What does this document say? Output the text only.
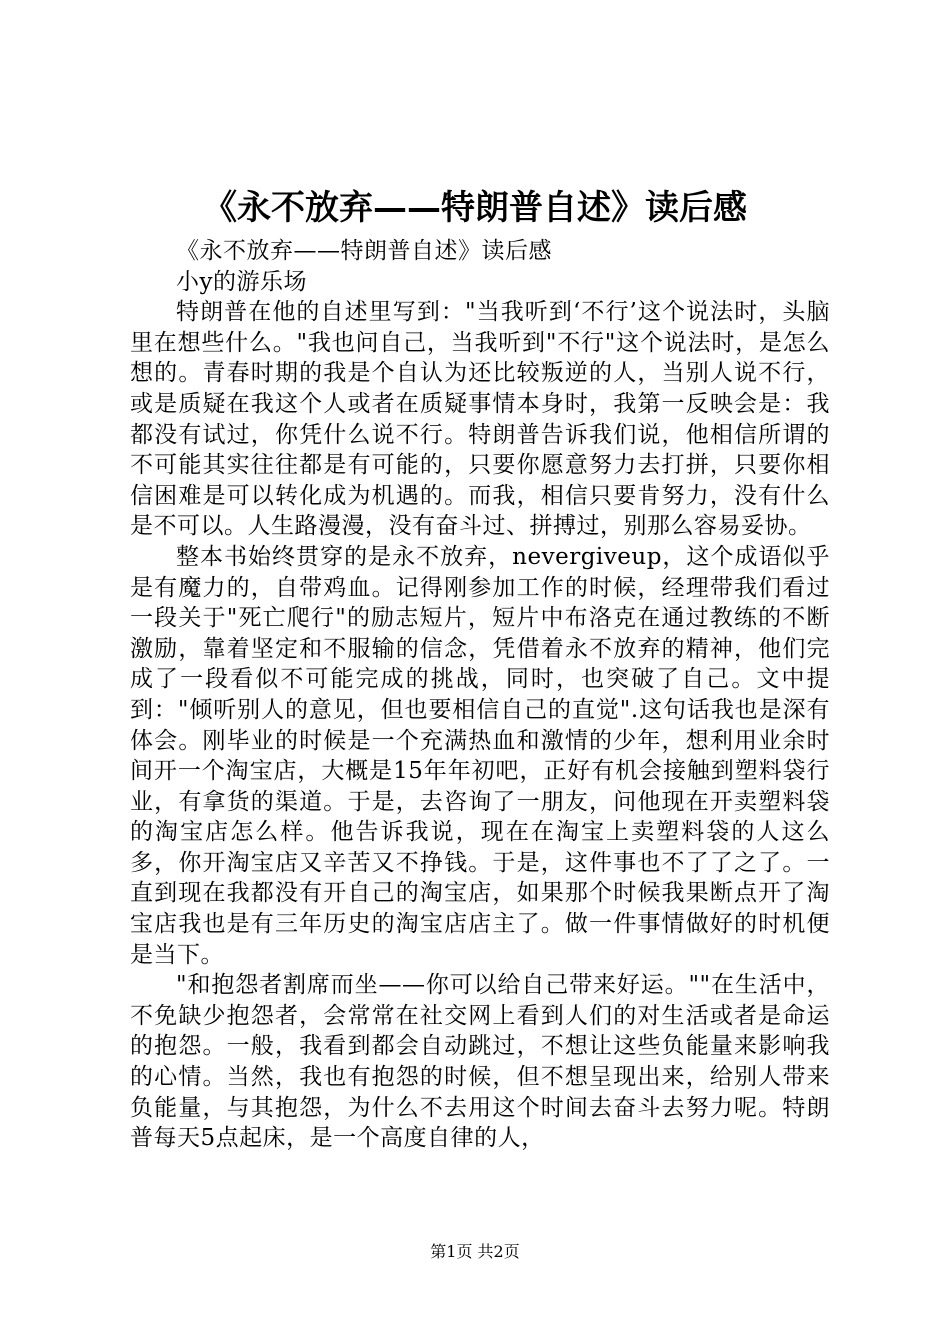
《永不放弃——特朗普自述》读后感

《永不放弃——特朗普自述》读后感

小y的游乐场

特朗普在他的自述里写到："当我听到‘不行’这个说法时，头脑里在想些什么。"我也问自己，当我听到"不行"这个说法时，是怎么想的。青春时期的我是个自认为还比较叛逆的人，当别人说不行，或是质疑在我这个人或者在质疑事情本身时，我第一反映会是：我都没有试过，你凭什么说不行。特朗普告诉我们说，他相信所谓的不可能其实往往都是有可能的，只要你愿意努力去打拼，只要你相信困难是可以转化成为机遇的。而我，相信只要肯努力，没有什么是不可以。人生路漫漫，没有奋斗过、拼搏过，别那么容易妥协。

整本书始终贯穿的是永不放弃，nevergiveup，这个成语似乎是有魔力的，自带鸡血。记得刚参加工作的时候，经理带我们看过一段关于"死亡爬行"的励志短片，短片中布洛克在通过教练的不断激励，靠着坚定和不服输的信念，凭借着永不放弃的精神，他们完成了一段看似不可能完成的挑战，同时，也突破了自己。文中提到："倾听别人的意见，但也要相信自己的直觉".这句话我也是深有体会。刚毕业的时候是一个充满热血和激情的少年，想利用业余时间开一个淘宝店，大概是15年年初吧，正好有机会接触到塑料袋行业，有拿货的渠道。于是，去咨询了一朋友，问他现在开卖塑料袋的淘宝店怎么样。他告诉我说，现在在淘宝上卖塑料袋的人这么多，你开淘宝店又辛苦又不挣钱。于是，这件事也不了了之了。一直到现在我都没有开自己的淘宝店，如果那个时候我果断点开了淘宝店我也是有三年历史的淘宝店店主了。做一件事情做好的时机便是当下。

"和抱怨者割席而坐——你可以给自己带来好运。""在生活中，不免缺少抱怨者，会常常在社交网上看到人们的对生活或者是命运的抱怨。一般，我看到都会自动跳过，不想让这些负能量来影响我的心情。当然，我也有抱怨的时候，但不想呈现出来，给别人带来负能量，与其抱怨，为什么不去用这个时间去奋斗去努力呢。特朗普每天5点起床，是一个高度自律的人，

第1页 共2页
